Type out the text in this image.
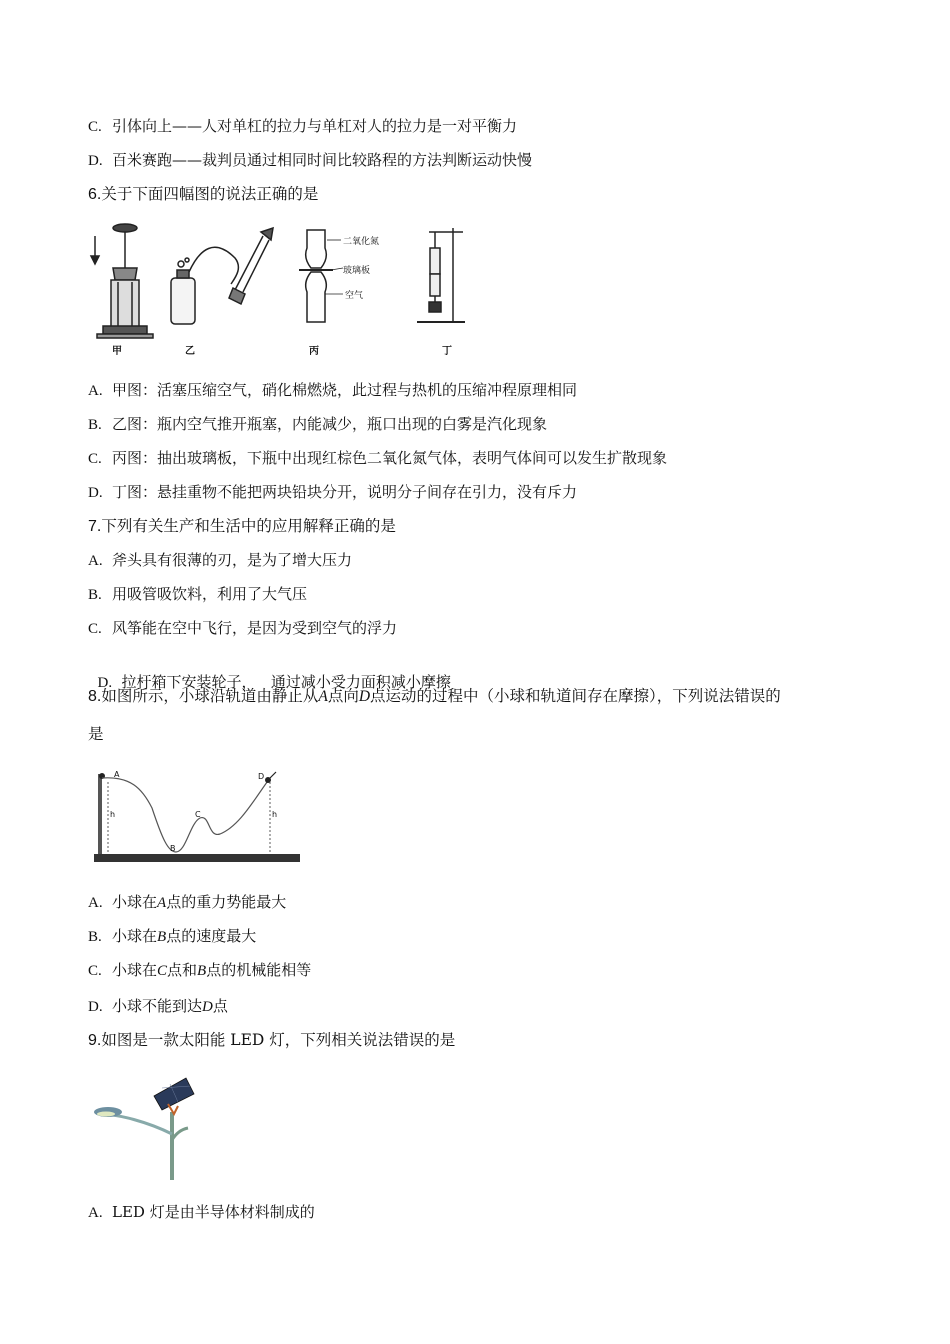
C. 引体向上——人对单杠的拉力与单杠对人的拉力是一对平衡力
D. 百米赛跑——裁判员通过相同时间比较路程的方法判断运动快慢
6.关于下面四幅图的说法正确的是
甲	乙	丙	丁
二氧化氮
玻璃板
空气
A. 甲图：活塞压缩空气，硝化棉燃烧，此过程与热机的压缩冲程原理相同
B. 乙图：瓶内空气推开瓶塞，内能减少，瓶口出现的白雾是汽化现象
C. 丙图：抽出玻璃板，下瓶中出现红棕色二氧化氮气体，表明气体间可以发生扩散现象
D. 丁图：悬挂重物不能把两块铅块分开，说明分子间存在引力，没有斥力
7.下列有关生产和生活中的应用解释正确的是
A. 斧头具有很薄的刃，是为了增大压力
B. 用吸管吸饮料，利用了大气压
C. 风筝能在空中飞行，是因为受到空气的浮力

D. 拉杆箱下安装轮子，   通过减小受力面积减小摩擦

8.如图所示，小球沿轨道由静止从A点向D点运动的过程中（小球和轨道间存在摩擦），下列说法错误的
是
A
B
C
D
h	h
A. 小球在A点的重力势能最大
B. 小球在B点的速度最大
C. 小球在C点和B点的机械能相等
D. 小球不能到达D点
9.如图是一款太阳能 LED 灯，下列相关说法错误的是
A. LED 灯是由半导体材料制成的
